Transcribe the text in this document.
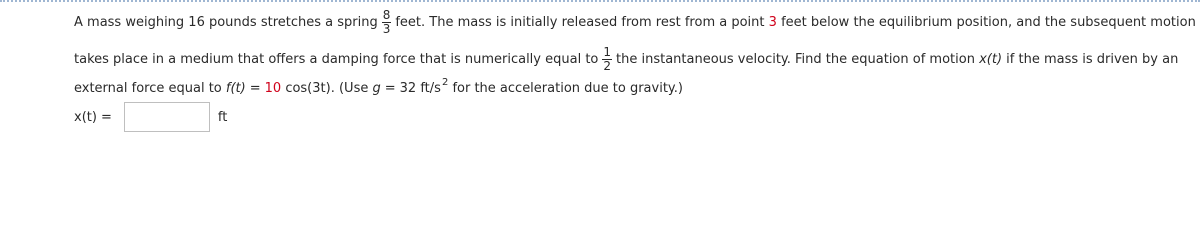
A mass weighing 16 pounds stretches a spring $\frac{8}{3}$ feet. The mass is initially released from rest from a point
3
feet below the equilibrium position, and the subsequent motion
takes place in a medium that offers a damping force that is numerically equal to $\frac{1}{2}$ the instantaneous velocity. Find the equation of motion
x(t)
if the mass is driven by an
external force equal to
f(t) = 10
cos(3t).
(Use
g = 32 ft/s 2
for the acceleration due to gravity.)
x(t) =	ft
